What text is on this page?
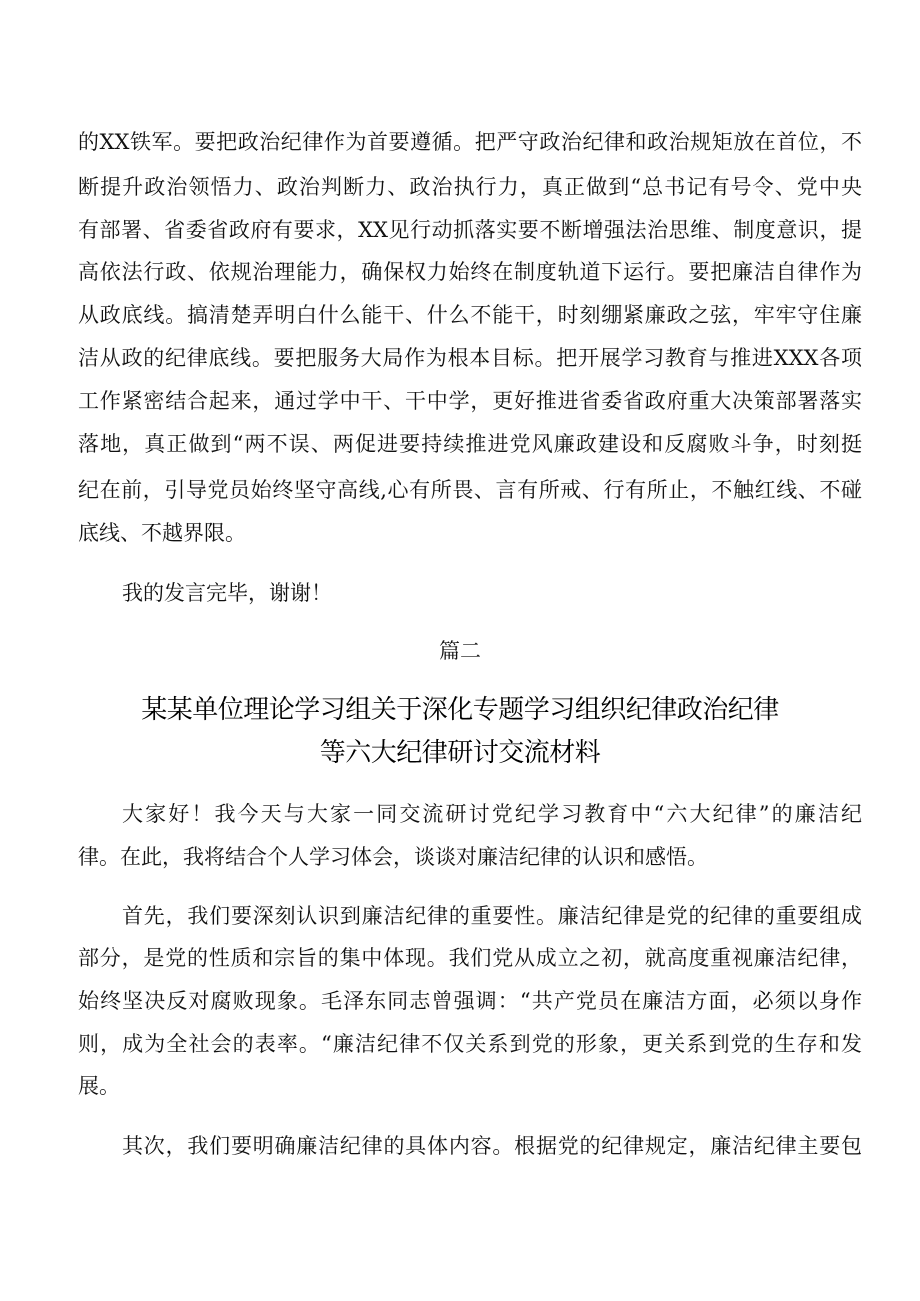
的XX铁军。要把政治纪律作为首要遵循。把严守政治纪律和政治规矩放在首位，不
断提升政治领悟力、政治判断力、政治执行力，真正做到“总书记有号令、党中央
有部署、省委省政府有要求，XX见行动抓落实要不断增强法治思维、制度意识，提
高依法行政、依规治理能力，确保权力始终在制度轨道下运行。要把廉洁自律作为
从政底线。搞清楚弄明白什么能干、什么不能干，时刻绷紧廉政之弦，牢牢守住廉
洁从政的纪律底线。要把服务大局作为根本目标。把开展学习教育与推进XXX各项
工作紧密结合起来，通过学中干、干中学，更好推进省委省政府重大决策部署落实
落地，真正做到“两不误、两促进要持续推进党风廉政建设和反腐败斗争，时刻挺
纪在前，引导党员始终坚守高线,心有所畏、言有所戒、行有所止，不触红线、不碰
底线、不越界限。
我的发言完毕，谢谢！
篇二
某某单位理论学习组关于深化专题学习组织纪律政治纪律
等六大纪律研讨交流材料
大家好！我今天与大家一同交流研讨党纪学习教育中“六大纪律”的廉洁纪
律。在此，我将结合个人学习体会，谈谈对廉洁纪律的认识和感悟。
首先，我们要深刻认识到廉洁纪律的重要性。廉洁纪律是党的纪律的重要组成
部分，是党的性质和宗旨的集中体现。我们党从成立之初，就高度重视廉洁纪律，
始终坚决反对腐败现象。毛泽东同志曾强调：“共产党员在廉洁方面，必须以身作
则，成为全社会的表率。“廉洁纪律不仅关系到党的形象，更关系到党的生存和发
展。
其次，我们要明确廉洁纪律的具体内容。根据党的纪律规定，廉洁纪律主要包
